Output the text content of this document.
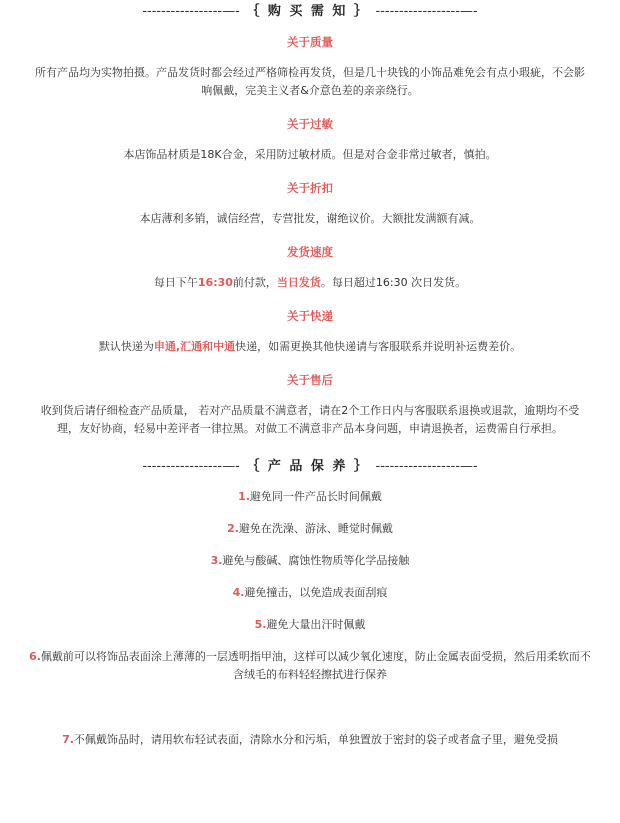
-----------------—- ｛ 购 买 需 知 ｝ ------------------—-
关于质量
所有产品均为实物拍摄。产品发货时都会经过严格筛检再发货，但是几十块钱的小饰品难免会有点小瑕疵，不会影
响佩戴，完美主义者&介意色差的亲亲绕行。
关于过敏
本店饰品材质是18K合金，采用防过敏材质。但是对合金非常过敏者，慎拍。
关于折扣
本店薄利多销，诚信经营，专营批发，谢绝议价。大额批发满额有减。
发货速度
每日下午16:30前付款，当日发货。每日超过16:30 次日发货。
关于快递
默认快递为申通,汇通和中通快递，如需更换其他快递请与客服联系并说明补运费差价。
关于售后
收到货后请仔细检查产品质量， 若对产品质量不满意者，请在2个工作日内与客服联系退换或退款，逾期均不受
理，友好协商，轻易中差评者一律拉黑。对做工不满意非产品本身问题，申请退换者，运费需自行承担。
-----------------—- ｛ 产 品 保 养 ｝ ------------------—-
1.避免同一件产品长时间佩戴
2.避免在洗澡、游泳、睡觉时佩戴
3.避免与酸碱、腐蚀性物质等化学品接触
4.避免撞击，以免造成表面刮痕
5.避免大量出汗时佩戴
6.佩戴前可以将饰品表面涂上薄薄的一层透明指甲油，这样可以减少氧化速度，防止金属表面受损，然后用柔软而不
含绒毛的布料轻轻擦拭进行保养
7.不佩戴饰品时，请用软布轻试表面，清除水分和污垢，单独置放于密封的袋子或者盒子里，避免受损
